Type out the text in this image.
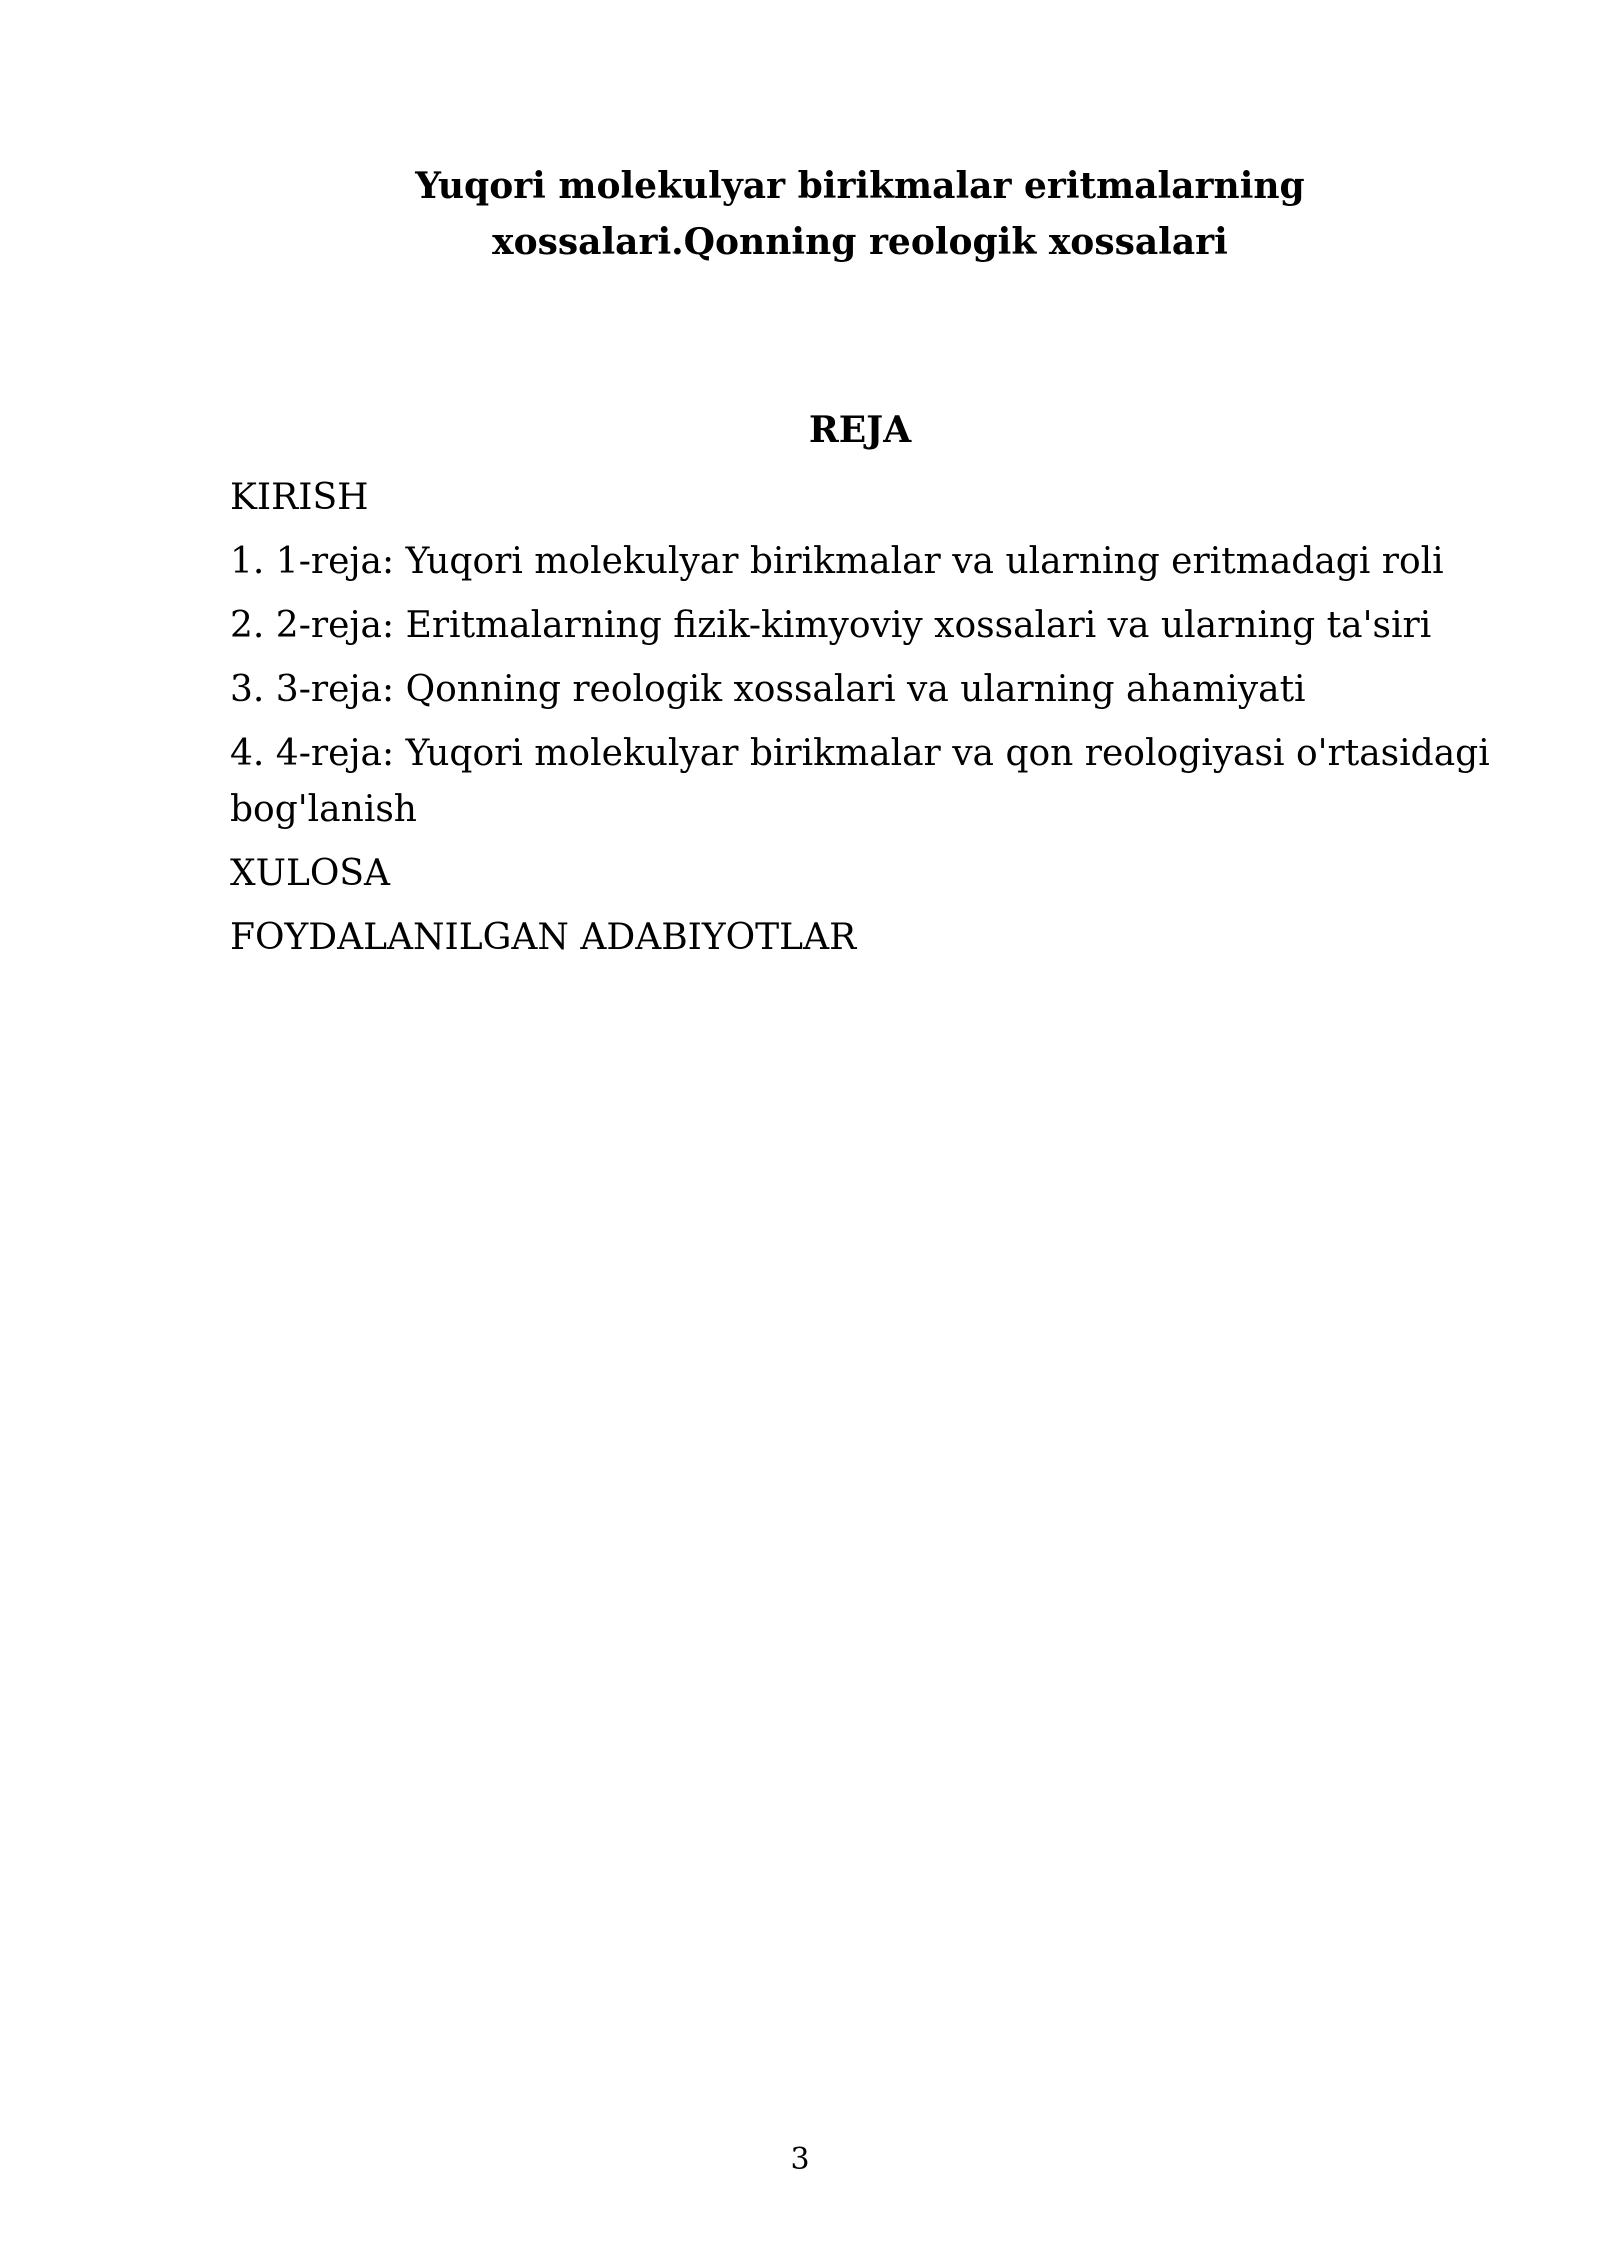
Yuqori molekulyar birikmalar eritmalarning
xossalari.Qonning reologik xossalari
REJA
KIRISH
1. 1-reja: Yuqori molekulyar birikmalar va ularning eritmadagi roli
2. 2-reja: Eritmalarning fizik-kimyoviy xossalari va ularning ta'siri
3. 3-reja: Qonning reologik xossalari va ularning ahamiyati
4. 4-reja: Yuqori molekulyar birikmalar va qon reologiyasi o'rtasidagi bog'lanish
XULOSA
FOYDALANILGAN ADABIYOTLAR
3
